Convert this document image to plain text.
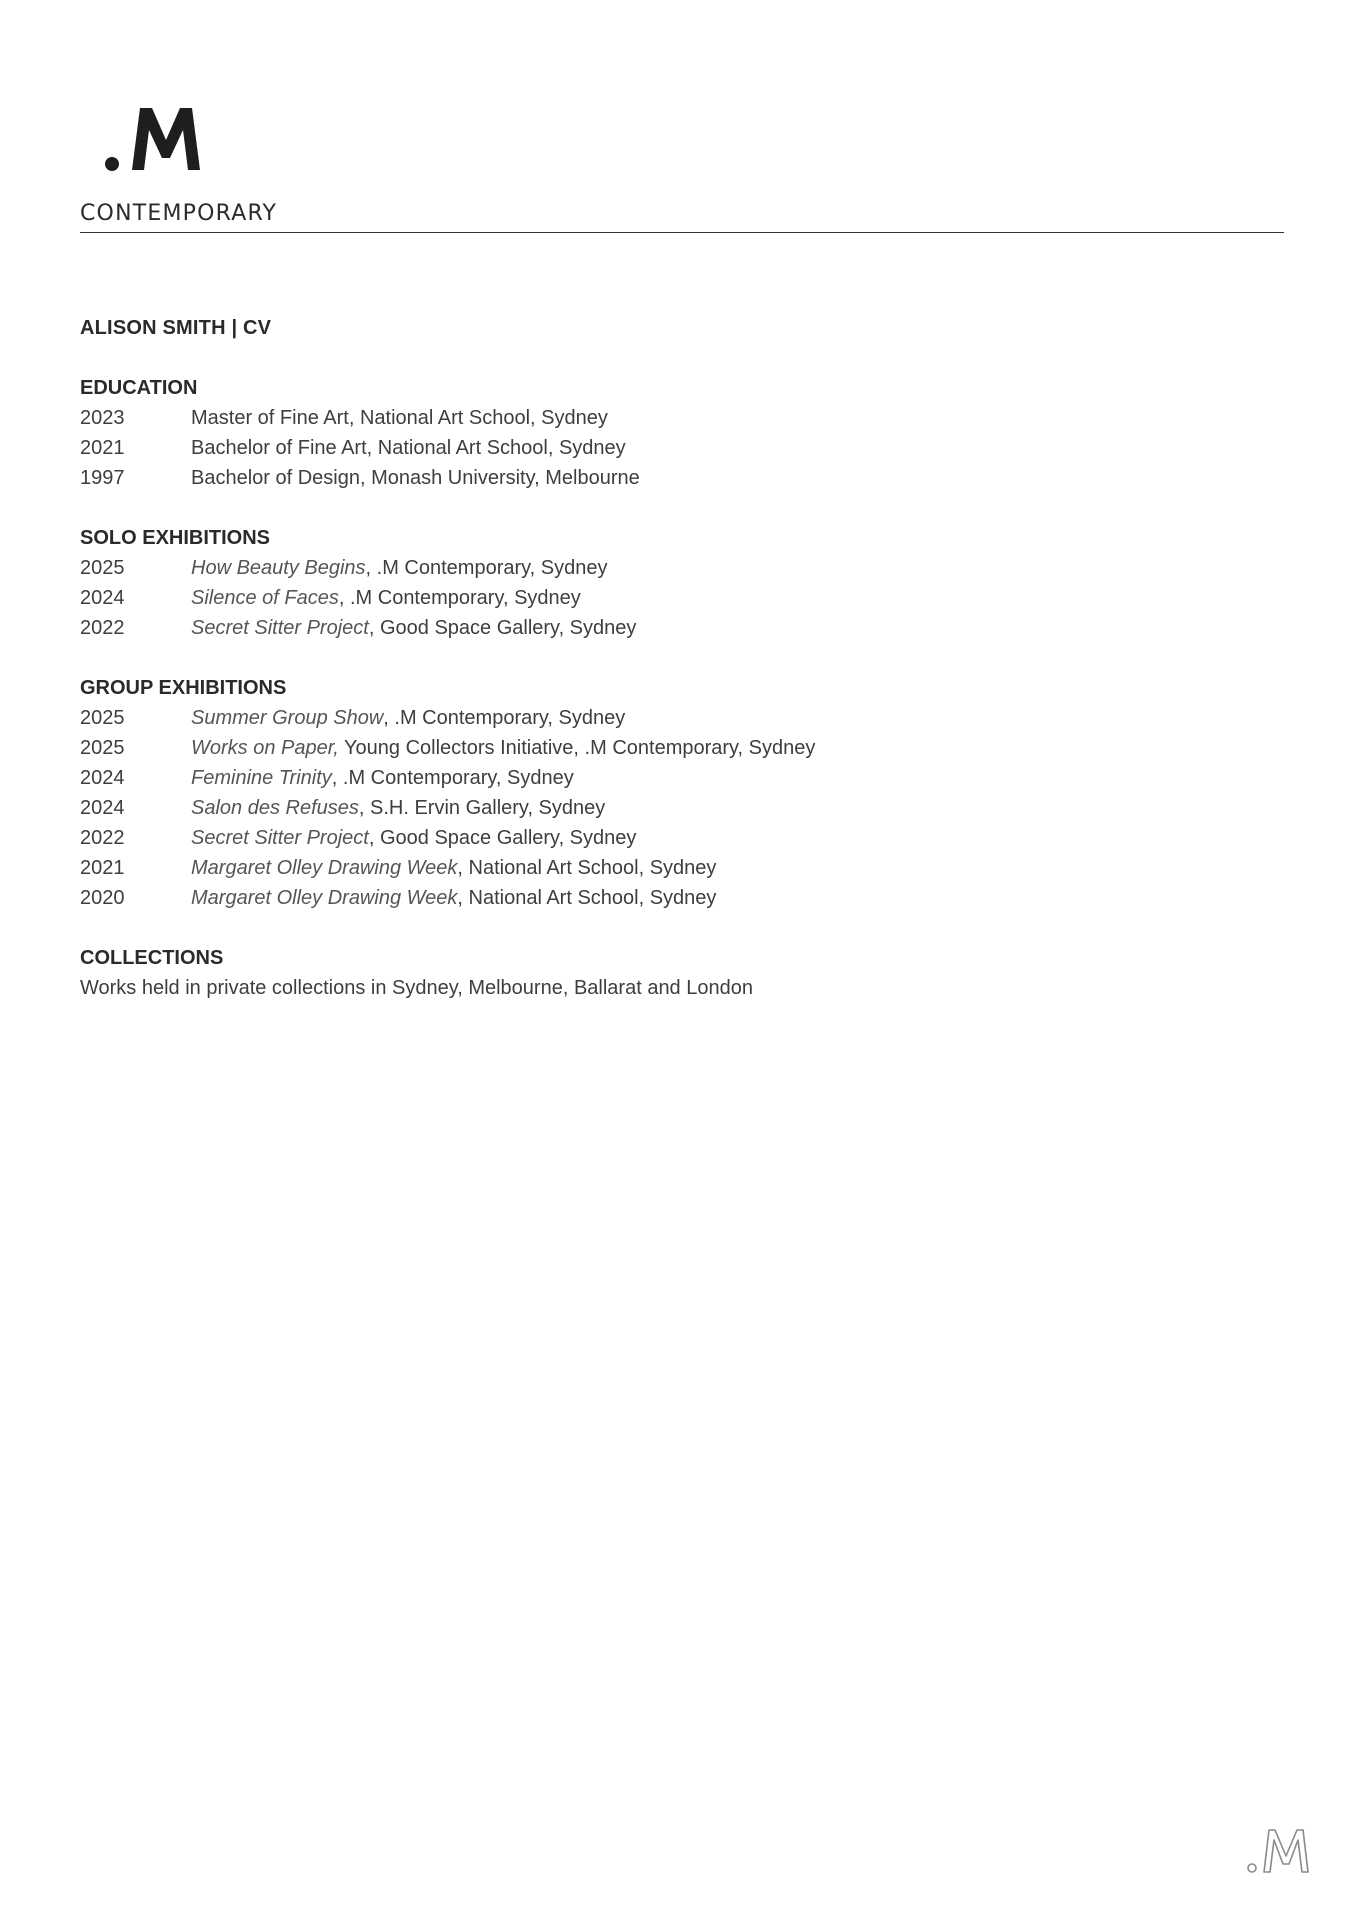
CONTEMPORARY
ALISON SMITH | CV
EDUCATION
2023	Master of Fine Art, National Art School, Sydney
2021	Bachelor of Fine Art, National Art School, Sydney
1997	Bachelor of Design, Monash University, Melbourne
SOLO EXHIBITIONS
2025	How Beauty Begins, .M Contemporary, Sydney
2024	Silence of Faces, .M Contemporary, Sydney
2022	Secret Sitter Project, Good Space Gallery, Sydney
GROUP EXHIBITIONS
2025	Summer Group Show, .M Contemporary, Sydney
2025	Works on Paper, Young Collectors Initiative, .M Contemporary, Sydney
2024	Feminine Trinity, .M Contemporary, Sydney
2024	Salon des Refuses, S.H. Ervin Gallery, Sydney
2022	Secret Sitter Project, Good Space Gallery, Sydney
2021	Margaret Olley Drawing Week, National Art School, Sydney
2020	Margaret Olley Drawing Week, National Art School, Sydney
COLLECTIONS
Works held in private collections in Sydney, Melbourne, Ballarat and London
